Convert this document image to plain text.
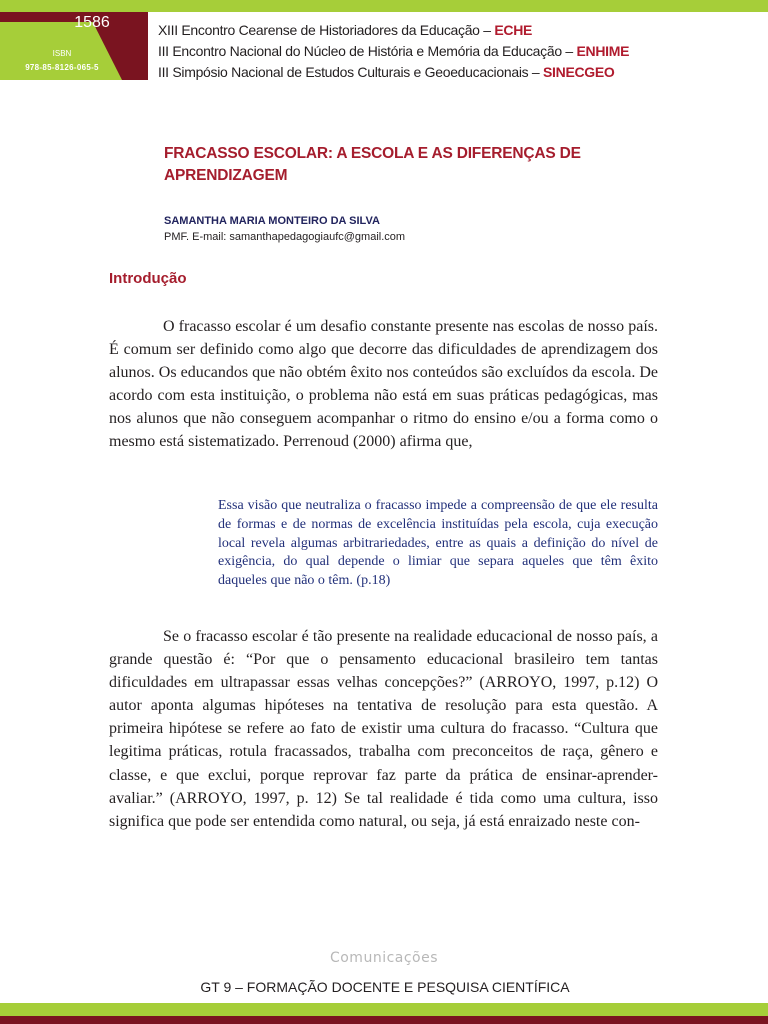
1586
ISBN
978-85-8126-065-5
XIII Encontro Cearense de Historiadores da Educação – ECHE
III Encontro Nacional do Núcleo de História e Memória da Educação – ENHIME
III Simpósio Nacional de Estudos Culturais e Geoeducacionais – SINECGEO
FRACASSO ESCOLAR: A ESCOLA E AS DIFERENÇAS DE APRENDIZAGEM
SAMANTHA MARIA MONTEIRO DA SILVA
PMF. E-mail: samanthapedagogiaufc@gmail.com
Introdução

O fracasso escolar é um desafio constante presente nas escolas de nosso país. É comum ser definido como algo que decorre das dificuldades de aprendizagem dos alunos. Os educandos que não obtém êxito nos conteúdos são excluídos da escola. De acordo com esta instituição, o problema não está em suas práticas pedagógicas, mas nos alunos que não conseguem acompanhar o ritmo do ensino e/ou a forma como o mesmo está sistematizado. Perrenoud (2000) afirma que,

Essa visão que neutraliza o fracasso impede a compreensão de que ele resulta de formas e de normas de excelência instituídas pela escola, cuja execução local revela algumas arbitrariedades, entre as quais a definição do nível de exigência, do qual depende o limiar que separa aqueles que têm êxito daqueles que não o têm. (p.18)

Se o fracasso escolar é tão presente na realidade educacional de nosso país, a grande questão é: “Por que o pensamento educacional brasileiro tem tantas dificuldades em ultrapassar essas velhas concepções?” (ARROYO, 1997, p.12) O autor aponta algumas hipóteses na tentativa de resolução para esta questão. A primeira hipótese se refere ao fato de existir uma cultura do fracasso. “Cultura que legitima práticas, rotula fracassados, trabalha com preconceitos de raça, gênero e classe, e que exclui, porque reprovar faz parte da prática de ensinar-aprender-avaliar.” (ARROYO, 1997, p. 12) Se tal realidade é tida como uma cultura, isso significa que pode ser entendida como natural, ou seja, já está enraizado neste con-

Comunicações
GT 9 – FORMAÇÃO DOCENTE E PESQUISA CIENTÍFICA
